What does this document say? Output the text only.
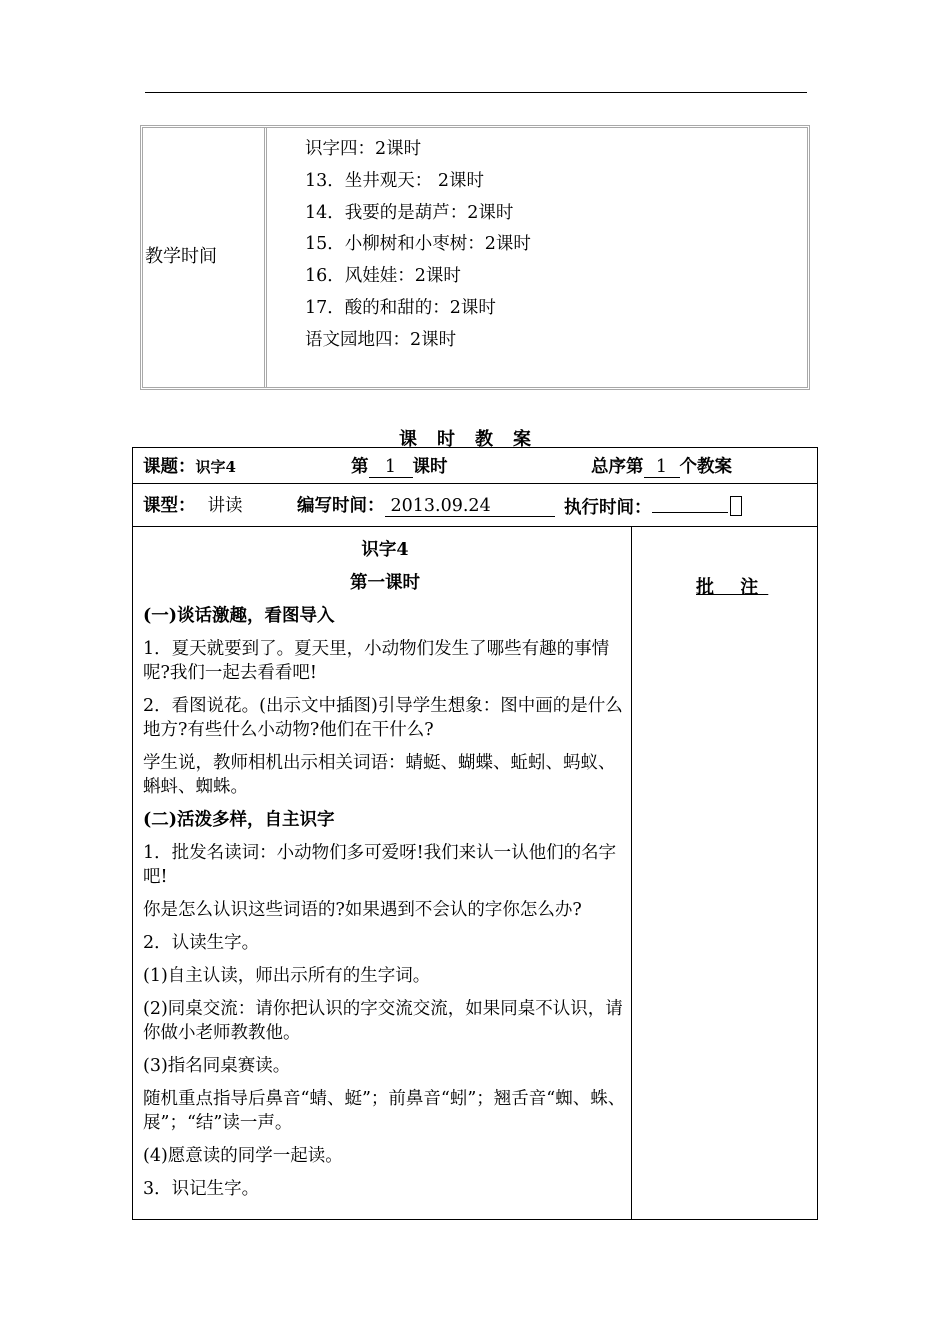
教学时间
识字四：2课时
13．坐井观天： 2课时
14．我要的是葫芦：2课时
15．小柳树和小枣树：2课时
16．风娃娃：2课时
17．酸的和甜的：2课时
语文园地四：2课时
课时教案
课题：识字4	第 1 课时	总序第 1 个教案
课型： 讲读	编写时间： 2013.09.24	执行时间：

识字4

第一课时

(一)谈话激趣，看图导入

1．夏天就要到了。夏天里，小动物们发生了哪些有趣的事情呢?我们一起去看看吧!

2．看图说花。(出示文中插图)引导学生想象：图中画的是什么地方?有些什么小动物?他们在干什么?

学生说，教师相机出示相关词语：蜻蜓、蝴蝶、蚯蚓、蚂蚁、蝌蚪、蜘蛛。

(二)活泼多样，自主识字

1．批发名读词：小动物们多可爱呀!我们来认一认他们的名字吧!

你是怎么认识这些词语的?如果遇到不会认的字你怎么办?

2．认读生字。

(1)自主认读，师出示所有的生字词。

(2)同桌交流：请你把认识的字交流交流，如果同桌不认识，请你做小老师教教他。

(3)指名同桌赛读。

随机重点指导后鼻音“蜻、蜓”；前鼻音“蚓”；翘舌音“蜘、蛛、展”；“结”读一声。

(4)愿意读的同学一起读。

3．识记生字。

批 注
